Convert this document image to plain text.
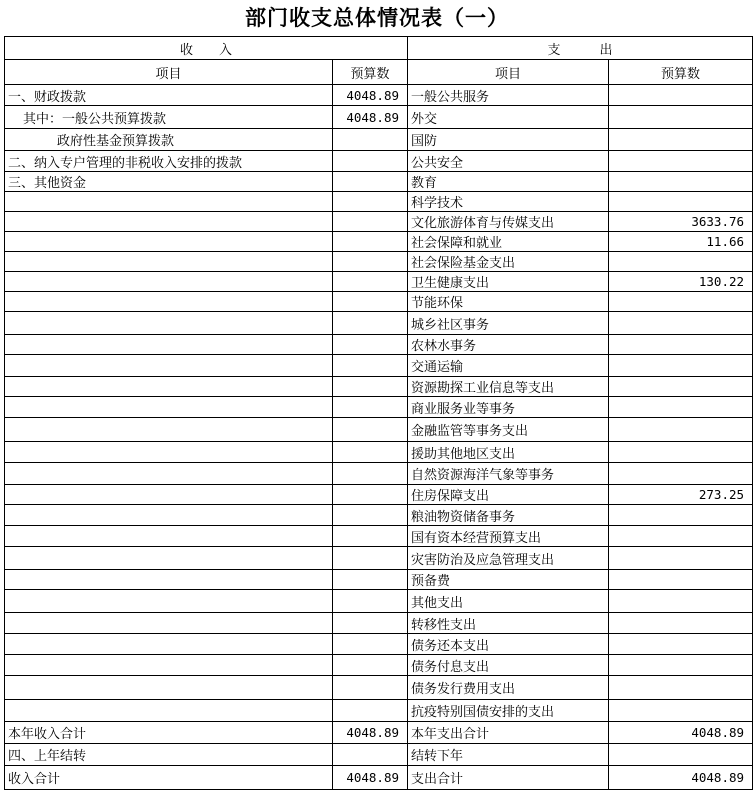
部门收支总体情况表（一）
收　　入		支　　　出	
项目	预算数	项目	预算数
一、财政拨款	4048.89	一般公共服务	
其中：一般公共预算拨款	4048.89	外交	
政府性基金预算拨款		国防	
二、纳入专户管理的非税收入安排的拨款		公共安全	
三、其他资金		教育	
		科学技术	
		文化旅游体育与传媒支出	3633.76
		社会保障和就业	11.66
		社会保险基金支出	
		卫生健康支出	130.22
		节能环保	
		城乡社区事务	
		农林水事务	
		交通运输	
		资源勘探工业信息等支出	
		商业服务业等事务	
		金融监管等事务支出	
		援助其他地区支出	
		自然资源海洋气象等事务	
		住房保障支出	273.25
		粮油物资储备事务	
		国有资本经营预算支出	
		灾害防治及应急管理支出	
		预备费	
		其他支出	
		转移性支出	
		债务还本支出	
		债务付息支出	
		债务发行费用支出	
		抗疫特别国债安排的支出	
本年收入合计	4048.89	本年支出合计	4048.89
四、上年结转		结转下年	
收入合计	4048.89	支出合计	4048.89
